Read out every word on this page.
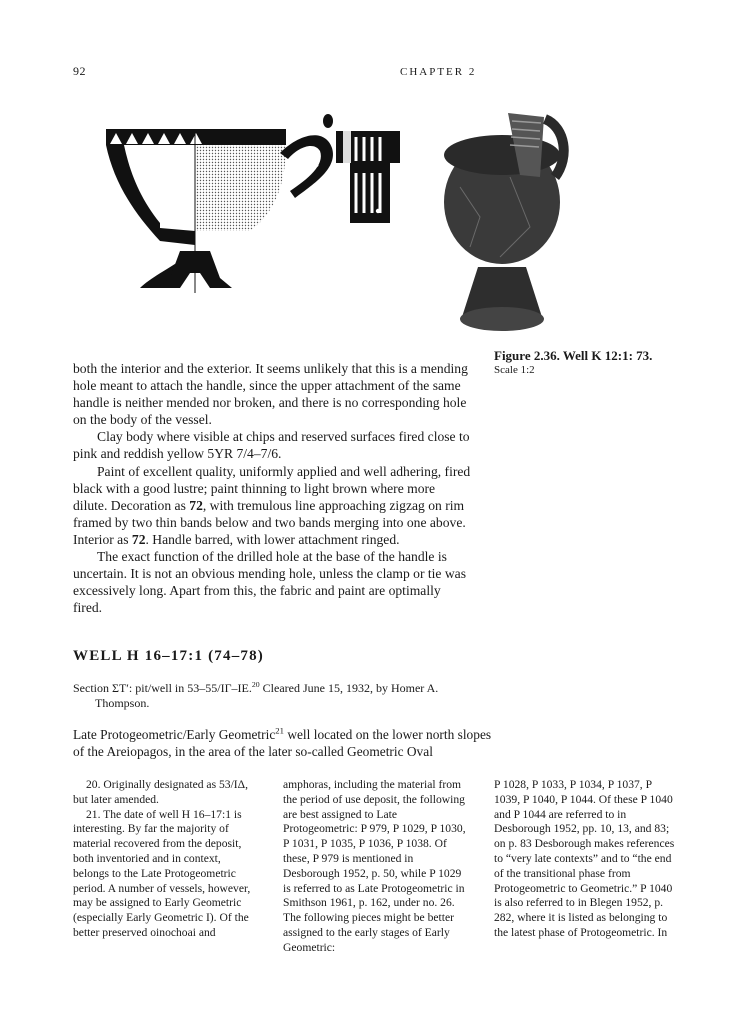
92	CHAPTER 2
Figure 2.36. Well K 12:1: 73.
Scale 1:2

both the interior and the exterior. It seems unlikely that this is a mending hole meant to attach the handle, since the upper attachment of the same handle is neither mended nor broken, and there is no corresponding hole on the body of the vessel.

Clay body where visible at chips and reserved surfaces fired close to pink and reddish yellow 5YR 7/4–7/6.

Paint of excellent quality, uniformly applied and well adhering, fired black with a good lustre; paint thinning to light brown where more dilute. Decoration as 72, with tremulous line approaching zigzag on rim framed by two thin bands below and two bands merging into one above. Interior as 72. Handle barred, with lower attachment ringed.

The exact function of the drilled hole at the base of the handle is uncertain. It is not an obvious mending hole, unless the clamp or tie was excessively long. Apart from this, the fabric and paint are optimally fired.

WELL H 16–17:1 (74–78)
Section ΣΤ′: pit/well in 53–55/ΙΓ–ΙΕ.$^{20}$ Cleared June 15, 1932, by Homer A.
Thompson.
Late Protogeometric/Early Geometric$^{21}$ well located on the lower north slopes of the Areiopagos, in the area of the later so-called Geometric Oval

20. Originally designated as 53/ΙΔ, but later amended.

21. The date of well H 16–17:1 is interesting. By far the majority of material recovered from the deposit, both inventoried and in context, belongs to the Late Protogeometric period. A number of vessels, however, may be assigned to Early Geometric (especially Early Geometric I). Of the better preserved oinochoai and

amphoras, including the material from the period of use deposit, the following are best assigned to Late Protogeometric: P 979, P 1029, P 1030, P 1031, P 1035, P 1036, P 1038. Of these, P 979 is mentioned in Desborough 1952, p. 50, while P 1029 is referred to as Late Protogeometric in Smithson 1961, p. 162, under no. 26. The following pieces might be better assigned to the early stages of Early Geometric:

P 1028, P 1033, P 1034, P 1037, P 1039, P 1040, P 1044. Of these P 1040 and P 1044 are referred to in Desborough 1952, pp. 10, 13, and 83; on p. 83 Desborough makes references to “very late contexts” and to “the end of the transitional phase from Protogeometric to Geometric.” P 1040 is also referred to in Blegen 1952, p. 282, where it is listed as belonging to the latest phase of Protogeometric. In
